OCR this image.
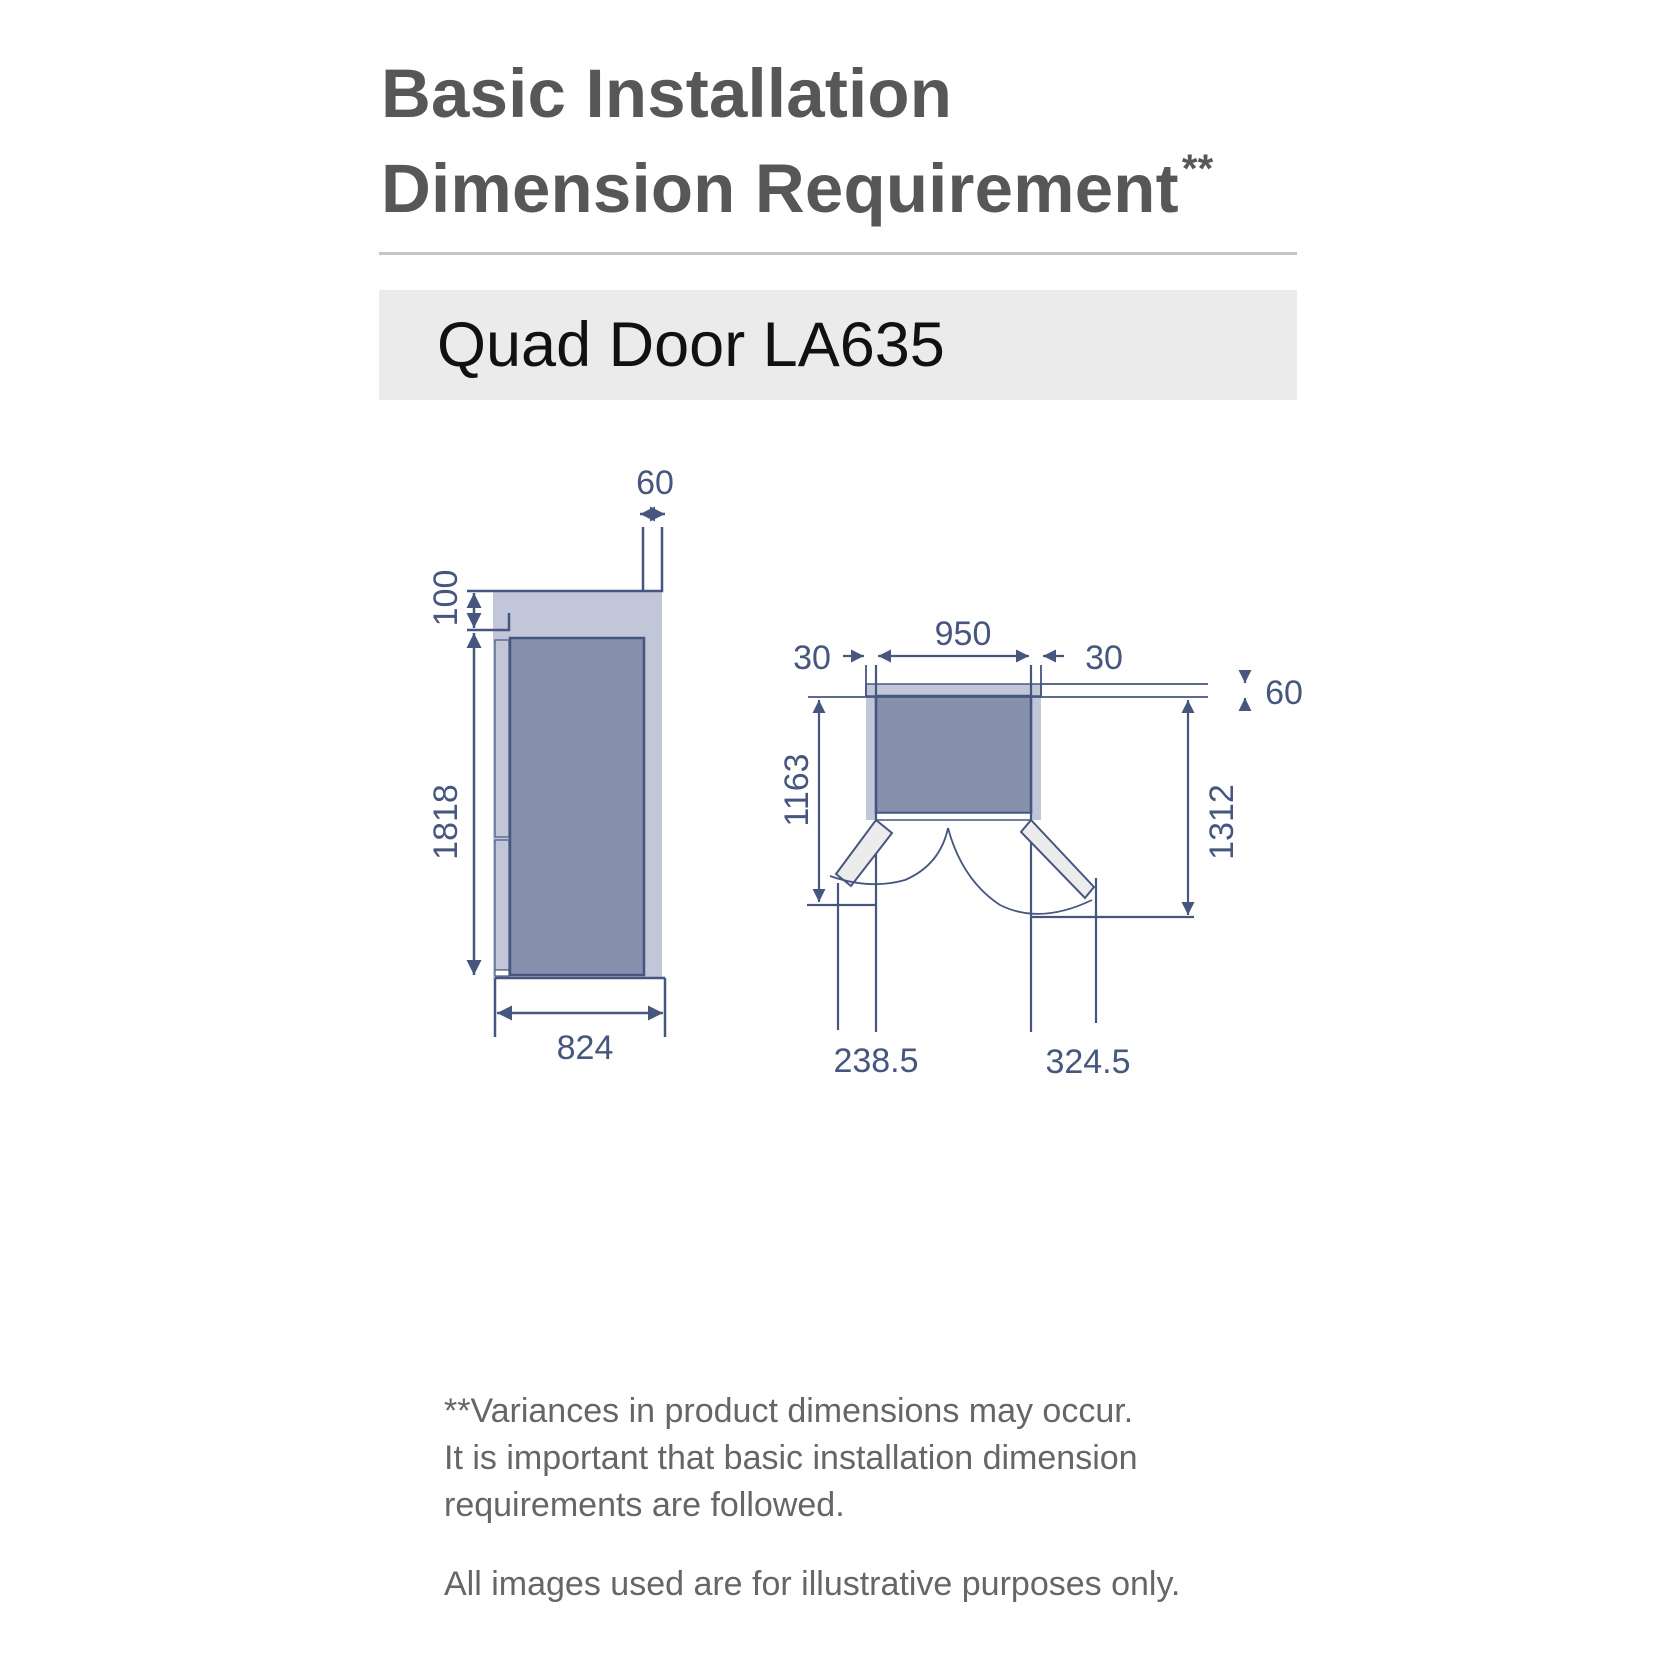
Basic Installation
Dimension Requirement**
Quad Door LA635
60
100
1818
824
30
950
30
60
1163	1312
238.5	324.5

**Variances in product dimensions may occur.

It is important that basic installation dimension

requirements are followed.

All images used are for illustrative purposes only.
